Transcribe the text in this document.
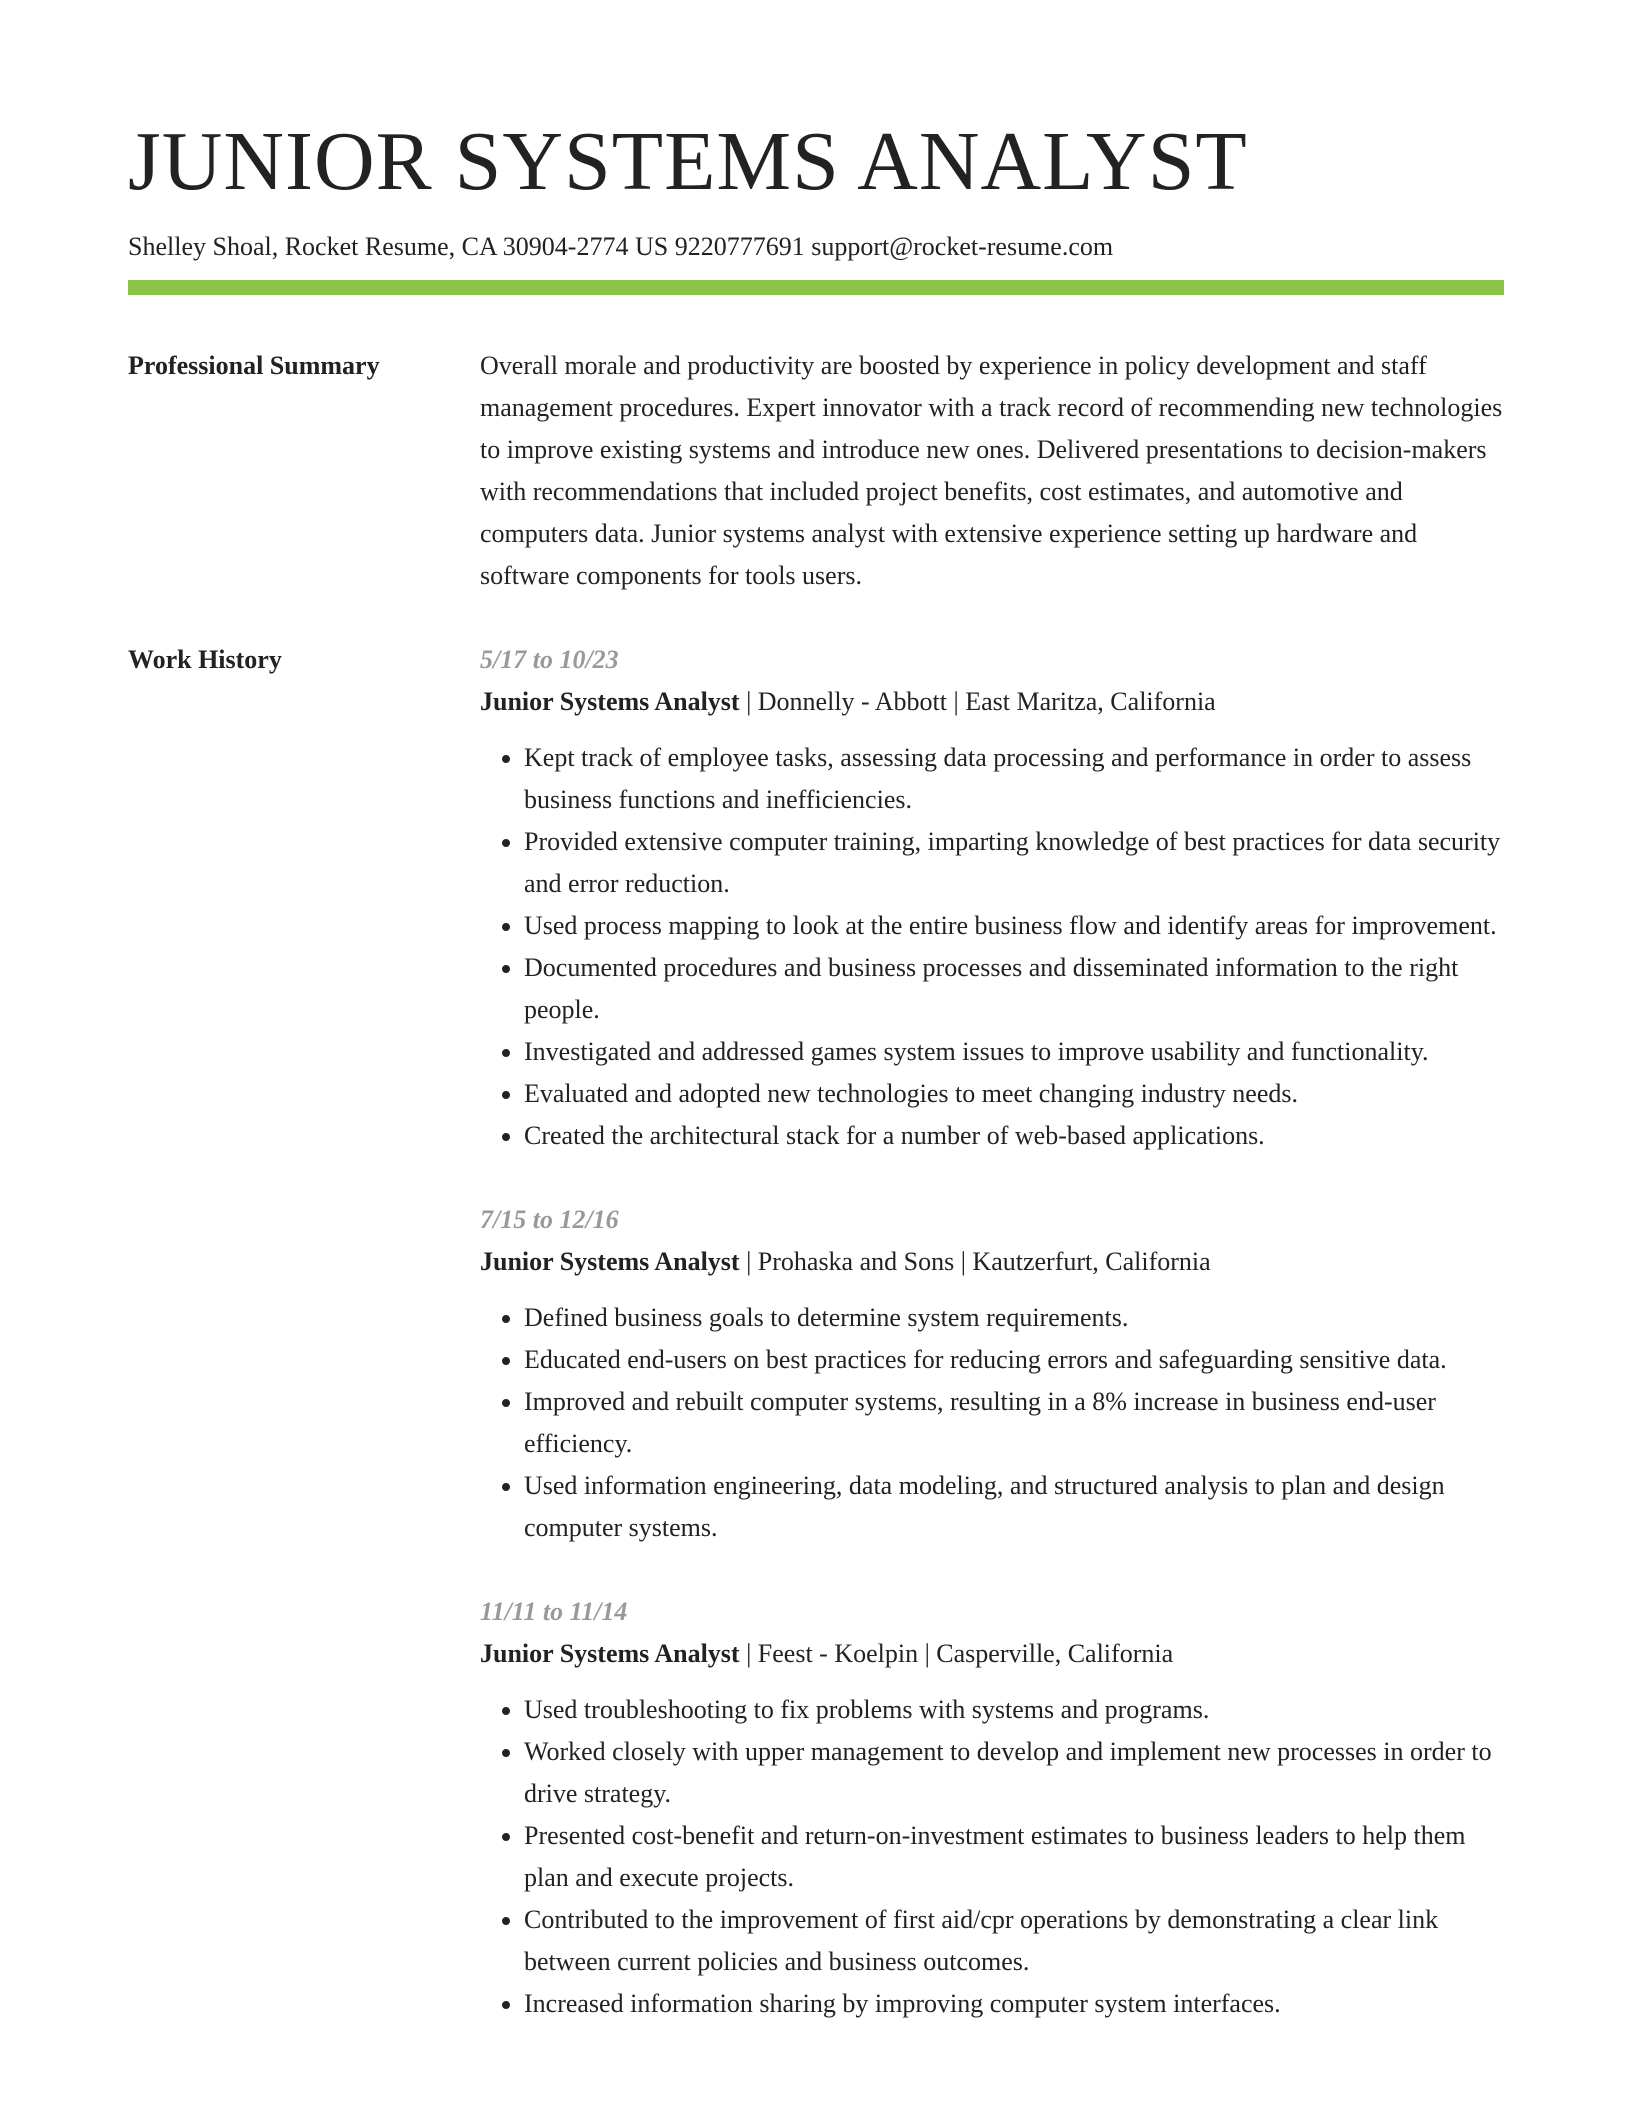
JUNIOR SYSTEMS ANALYST
Shelley Shoal, Rocket Resume, CA 30904-2774 US 9220777691 support@rocket-resume.com
Professional Summary	Overall morale and productivity are boosted by experience in policy development and staff management procedures. Expert innovator with a track record of recommending new technologies to improve existing systems and introduce new ones. Delivered presentations to decision-makers with recommendations that included project benefits, cost estimates, and automotive and computers data. Junior systems analyst with extensive experience setting up hardware and software components for tools users.
Work History	5/17 to 10/23
Junior Systems Analyst | Donnelly - Abbott | East Maritza, California
• Kept track of employee tasks, assessing data processing and performance in order to assess business functions and inefficiencies.
• Provided extensive computer training, imparting knowledge of best practices for data security and error reduction.
• Used process mapping to look at the entire business flow and identify areas for improvement.
• Documented procedures and business processes and disseminated information to the right people.
• Investigated and addressed games system issues to improve usability and functionality.
• Evaluated and adopted new technologies to meet changing industry needs.
• Created the architectural stack for a number of web-based applications.
7/15 to 12/16
Junior Systems Analyst | Prohaska and Sons | Kautzerfurt, California
• Defined business goals to determine system requirements.
• Educated end-users on best practices for reducing errors and safeguarding sensitive data.
• Improved and rebuilt computer systems, resulting in a 8% increase in business end-user efficiency.
• Used information engineering, data modeling, and structured analysis to plan and design computer systems.
11/11 to 11/14
Junior Systems Analyst | Feest - Koelpin | Casperville, California
• Used troubleshooting to fix problems with systems and programs.
• Worked closely with upper management to develop and implement new processes in order to drive strategy.
• Presented cost-benefit and return-on-investment estimates to business leaders to help them plan and execute projects.
• Contributed to the improvement of first aid/cpr operations by demonstrating a clear link between current policies and business outcomes.
• Increased information sharing by improving computer system interfaces.
